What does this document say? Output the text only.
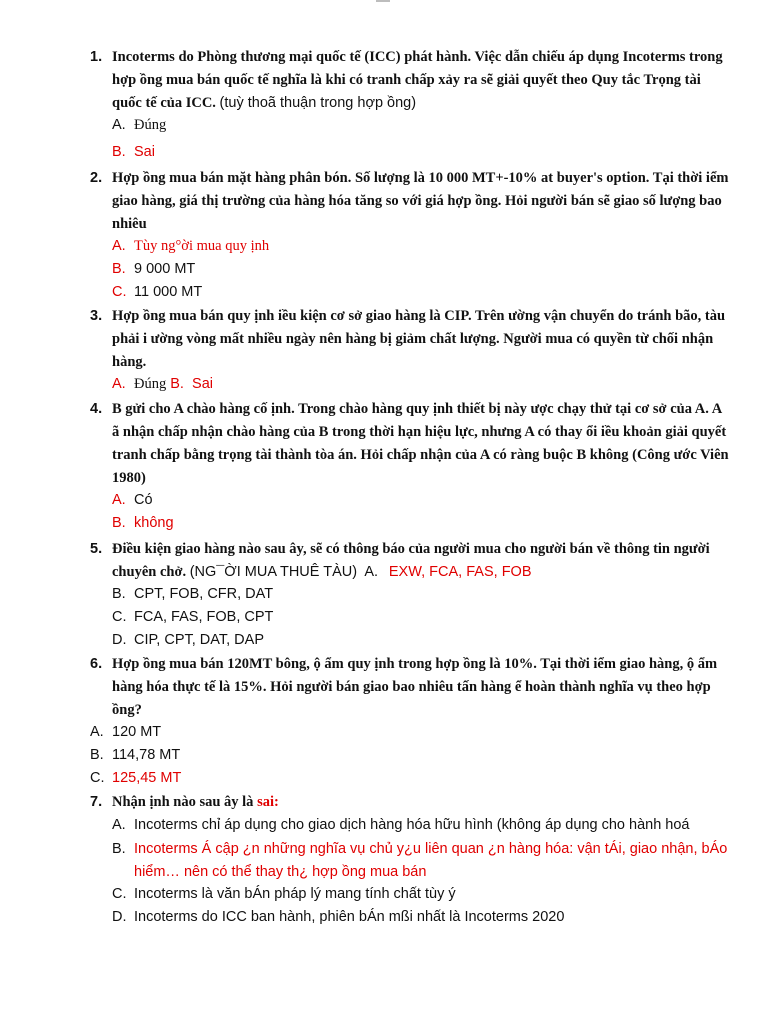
1. Incoterms do Phòng thương mại quốc tế (ICC) phát hành. Việc dẫn chiếu áp dụng Incoterms trong hợp ồng mua bán quốc tế nghĩa là khi có tranh chấp xảy ra sẽ giải quyết theo Quy tắc Trọng tài quốc tế của ICC. (tuỳ thoã thuận trong hợp ồng)
A. Đúng
B. Sai
2. Hợp ồng mua bán mặt hàng phân bón. Số lượng là 10 000 MT+-10% at buyer's option. Tại thời iểm giao hàng, giá thị trường của hàng hóa tăng so với giá hợp ồng. Hỏi người bán sẽ giao số lượng bao nhiêu
A. Tùy ng°ời mua quy ịnh
B. 9 000 MT
C. 11 000 MT
3. Hợp ồng mua bán quy ịnh iều kiện cơ sở giao hàng là CIP. Trên ường vận chuyển do tránh bão, tàu phải i ường vòng mất nhiều ngày nên hàng bị giảm chất lượng. Người mua có quyền từ chối nhận hàng.
A. Đúng B. Sai
4. B gửi cho A chào hàng cố ịnh. Trong chào hàng quy ịnh thiết bị này ược chạy thử tại cơ sở của A. A ã nhận chấp nhận chào hàng của B trong thời hạn hiệu lực, nhưng A có thay ổi iều khoản giải quyết tranh chấp bằng trọng tài thành tòa án. Hỏi chấp nhận của A có ràng buộc B không (Công ước Viên 1980)
A. Có
B. không
5. Điều kiện giao hàng nào sau ây, sẽ có thông báo của người mua cho người bán về thông tin người chuyên chở. (NG¯ỜI MUA THUÊ TÀU) A. EXW, FCA, FAS, FOB
B. CPT, FOB, CFR, DAT
C. FCA, FAS, FOB, CPT
D. CIP, CPT, DAT, DAP
6. Hợp ồng mua bán 120MT bông, ộ ẩm quy ịnh trong hợp ồng là 10%. Tại thời iểm giao hàng, ộ ẩm hàng hóa thực tế là 15%. Hỏi người bán giao bao nhiêu tấn hàng ể hoàn thành nghĩa vụ theo hợp ồng?
A. 120 MT
B. 114,78 MT
C. 125,45 MT
7. Nhận ịnh nào sau ây là sai:
A. Incoterms chỉ áp dụng cho giao dịch hàng hóa hữu hình (không áp dụng cho hành hoá
B. Incoterms Á cập ¿n những nghĩa vụ chủ y¿u liên quan ¿n hàng hóa: vận tÁi, giao nhận, bÁo hiểm… nên có thể thay th¿ hợp ồng mua bán
C. Incoterms là văn bÁn pháp lý mang tính chất tùy ý
D. Incoterms do ICC ban hành, phiên bÁn mßi nhất là Incoterms 2020
